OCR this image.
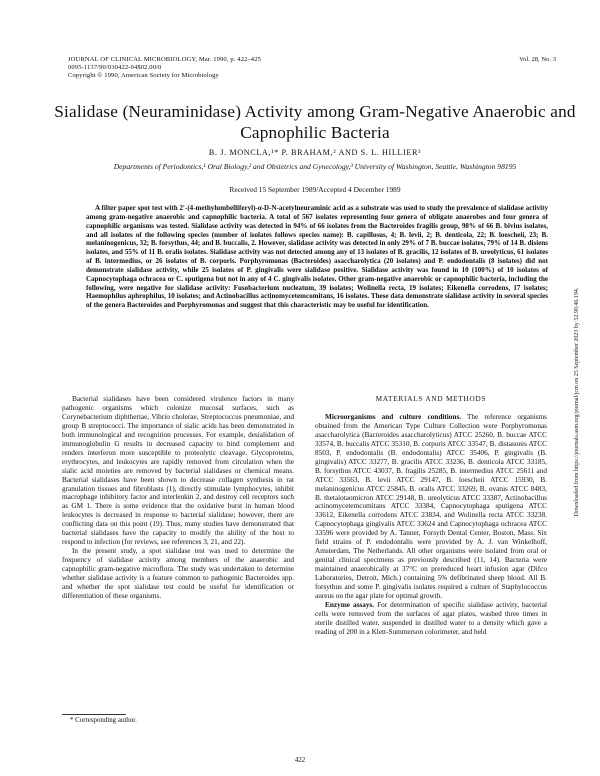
JOURNAL OF CLINICAL MICROBIOLOGY, Mar. 1990, p. 422–425
0095-1137/90/030422-04$02.00/0
Copyright © 1990, American Society for Microbiology
Vol. 28, No. 3
Sialidase (Neuraminidase) Activity among Gram-Negative Anaerobic and Capnophilic Bacteria
B. J. MONCLA,¹* P. BRAHAM,² AND S. L. HILLIER³
Departments of Periodontics,¹ Oral Biology,² and Obstetrics and Gynecology,³ University of Washington, Seattle, Washington 98195
Received 15 September 1989/Accepted 4 December 1989
A filter paper spot test with 2′-(4-methylumbelliferyl)-α-D-N-acetylneuraminic acid as a substrate was used to study the prevalence of sialidase activity among gram-negative anaerobic and capnophilic bacteria. A total of 567 isolates representing four genera of obligate anaerobes and four genera of capnophilic organisms was tested. Sialidase activity was detected in 94% of 66 isolates from the Bacteroides fragilis group, 98% of 66 B. bivius isolates, and all isolates of the following species (number of isolates follows species name): B. capillosus, 4; B. levii, 2; B. denticola, 22; B. loescheii, 23; B. melaninogenicus, 32; B. forsythus, 44; and B. buccalis, 2. However, sialidase activity was detected in only 29% of 7 B. buccae isolates, 79% of 14 B. disiens isolates, and 55% of 11 B. oralis isolates. Sialidase activity was not detected among any of 13 isolates of B. gracilis, 12 isolates of B. ureolyticus, 61 isolates of B. intermedius, or 26 isolates of B. corporis. Porphyromonas (Bacteroides) asaccharolytica (20 isolates) and P. endodontalis (8 isolates) did not demonstrate sialidase activity, while 25 isolates of P. gingivalis were sialidase positive. Sialidase activity was found in 10 (100%) of 10 isolates of Capnocytophaga ochracea or C. sputigena but not in any of 4 C. gingivalis isolates. Other gram-negative anaerobic or capnophilic bacteria, including the following, were negative for sialidase activity: Fusobacterium nucleatum, 39 isolates; Wolinella recta, 19 isolates; Eikenella corrodens, 17 isolates; Haemophilus aphrophilus, 10 isolates; and Actinobacillus actinomycetemcomitans, 16 isolates. These data demonstrate sialidase activity in several species of the genera Bacteroides and Porphyromonas and suggest that this characteristic may be useful for identification.

Bacterial sialidases have been considered virulence factors in many pathogenic organisms which colonize mucosal surfaces, such as Corynebacterium diphtheriae, Vibrio cholerae, Streptococcus pneumoniae, and group B streptococci. The importance of sialic acids has been demonstrated in both immunological and recognition processes. For example, desialidation of immunoglobulin G results in decreased capacity to bind complement and renders interferon more susceptible to proteolytic cleavage. Glycoproteins, erythrocytes, and leukocytes are rapidly removed from circulation when the sialic acid moieties are removed by bacterial sialidases or chemical means. Bacterial sialidases have been shown to decrease collagen synthesis in rat granulation tissues and fibroblasts (1), directly stimulate lymphocytes, inhibit macrophage inhibitory factor and interleukin 2, and destroy cell receptors such as GM 1. There is some evidence that the oxidative burst in human blood leukocytes is decreased in response to bacterial sialidase; however, there are conflicting data on this point (19). Thus, many studies have demonstrated that bacterial sialidases have the capacity to modify the ability of the host to respond to infection (for reviews, see references 3, 21, and 22).

In the present study, a spot sialidase test was used to determine the frequency of sialidase activity among members of the anaerobic and capnophilic gram-negative microflora. The study was undertaken to determine whether sialidase activity is a feature common to pathogenic Bacteroides spp. and whether the spot sialidase test could be useful for identification or differentiation of these organisms.

MATERIALS AND METHODS

Microorganisms and culture conditions. The reference organisms obtained from the American Type Culture Collection were Porphyromonas asaccharolytica (Bacteroides asaccharolyticus) ATCC 25260, B. buccae ATCC 33574, B. buccalis ATCC 35310, B. corporis ATCC 33547, B. distasonis ATCC 8503, P. endodontalis (B. endodontalis) ATCC 35406, P. gingivalis (B. gingivalis) ATCC 33277, B. gracilis ATCC 33236, B. denticola ATCC 33185, B. forsythus ATCC 43037, B. fragilis 25285, B. intermedius ATCC 25611 and ATCC 33563, B. levii ATCC 29147, B. loescheii ATCC 15930, B. melaninogenicus ATCC 25845, B. oralis ATCC 33269, B. ovatus ATCC 8483, B. thetaiotaomicron ATCC 29148, B. ureolyticus ATCC 33387, Actinobacillus actinomycetemcomitans ATCC 33384, Capnocytophaga sputigena ATCC 33612, Eikenella corrodens ATCC 23834, and Wolinella recta ATCC 33238. Capnocytophaga gingivalis ATCC 33624 and Capnocytophaga ochracea ATCC 33596 were provided by A. Tanner, Forsyth Dental Center, Boston, Mass. Six field strains of P. endodontalis were provided by A. J. van Winkelhoff, Amsterdam, The Netherlands. All other organisms were isolated from oral or genital clinical specimens as previously described (11, 14). Bacteria were maintained anaerobically at 37°C on prereduced heart infusion agar (Difco Laboratories, Detroit, Mich.) containing 5% defibrinated sheep blood. All B. forsythus and some P. gingivalis isolates required a culture of Staphylococcus aureus on the agar plate for optimal growth.

Enzyme assays. For determination of specific sialidase activity, bacterial cells were removed from the surfaces of agar plates, washed three times in sterile distilled water, suspended in distilled water to a density which gave a reading of 200 in a Klett-Summerson colorimeter, and held

* Corresponding author.
422
Downloaded from https://journals.asm.org/journal/jcm on 25 September 2023 by 52.90.46.194.
